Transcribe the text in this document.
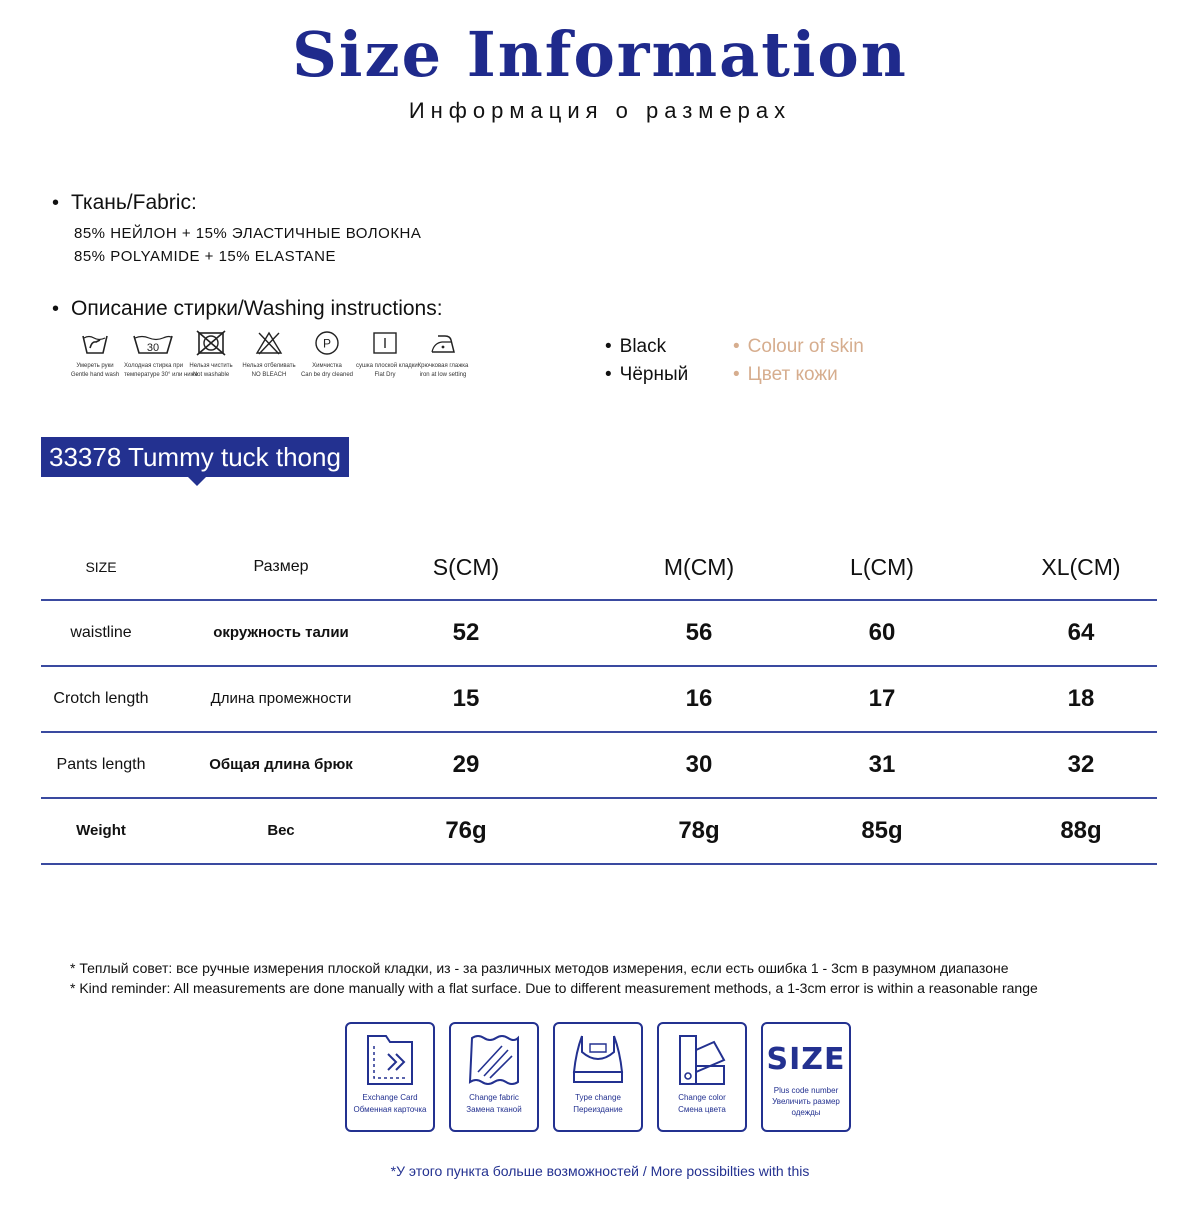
Size Information
Информация о размерах
• Ткань/Fabric:
85% НЕЙЛОН + 15% ЭЛАСТИЧНЫЕ ВОЛОКНА
85% POLYAMIDE + 15% ELASTANE
• Описание стирки/Washing instructions:
Умереть руки
Gentle hand wash
30
Холодная стирка при
температуре 30° или ниже
Нельзя чистить
Not washable
Нельзя отбеливать
NO BLEACH
P
Химчистка
Can be dry cleaned
сушка плоской кладки
Flat Dry
Крючковая глажка
iron at low setting
• Black
• Чёрный
• Colour of skin
• Цвет кожи
33378 Tummy tuck thong
SIZE	Размер	S(CM)	M(CM)	L(CM)	XL(CM)
waistline	окружность талии	52	56	60	64
Crotch length	Длина промежности	15	16	17	18
Pants length	Общая длина брюк	29	30	31	32
Weight	Вес	76g	78g	85g	88g
* Теплый совет: все ручные измерения плоской кладки, из - за различных методов измерения, если есть ошибка 1 - 3cm в разумном диапазоне
* Kind reminder: All measurements are done manually with a flat surface. Due to different measurement methods, a 1-3cm error is within a reasonable range
Exchange Card
Обменная карточка
Change fabric
Замена тканой
Type change
Переиздание
Change color
Смена цвета
SIZE
Plus code number
Увеличить размер одежды
*У этого пункта больше возможностей / More possibilties with this
